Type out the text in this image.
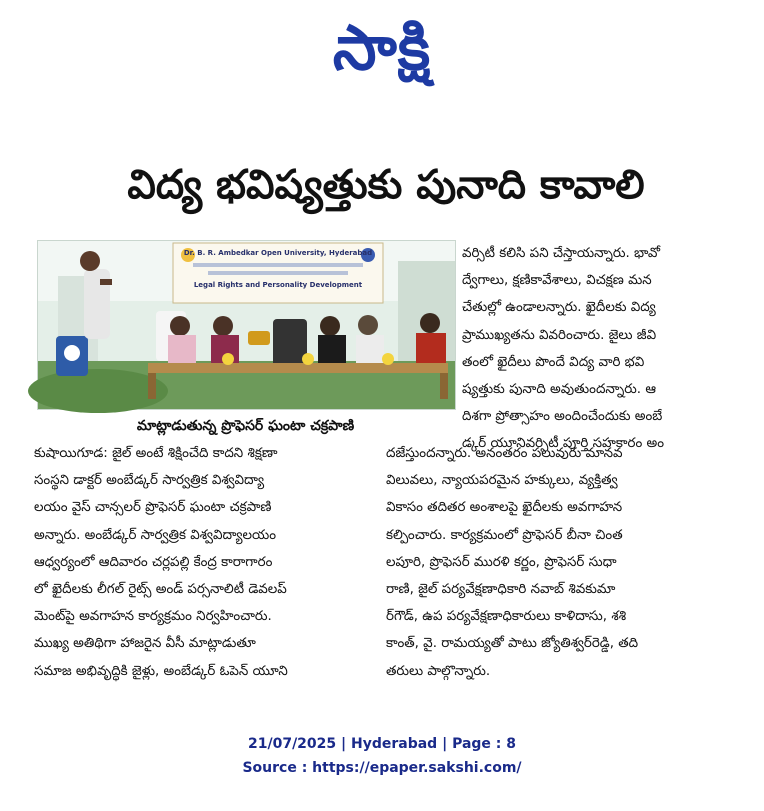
సాక్షి
విద్య భవిష్యత్తుకు పునాది కావాలి
Dr. B. R. Ambedkar Open University, Hyderabad
Legal Rights and Personality Development
మాట్లాడుతున్న ప్రొఫెసర్ ఘంటా చక్రపాణి
వర్సిటీ కలిసి పని చేస్తాయన్నారు. భావో
ద్వేగాలు, క్షణికావేశాలు, విచక్షణ మన
చేతుల్లో ఉండాలన్నారు. ఖైదీలకు విద్య
ప్రాముఖ్యతను వివరించారు. జైలు జీవి
తంలో ఖైదీలు పొందే విద్య వారి భవి
ష్యత్తుకు పునాది అవుతుందన్నారు. ఆ
దిశగా ప్రోత్సాహం అందించేందుకు అంబే
డ్కర్ యూనివర్సిటీ పూర్తి సహకారం అం
కుషాయిగూడ: జైల్ అంటే శిక్షించేది కాదని శిక్షణా
సంస్థని డాక్టర్ అంబేడ్కర్ సార్వత్రిక విశ్వవిద్యా
లయం వైస్ చాన్సలర్ ప్రొఫెసర్ ఘంటా చక్రపాణి
అన్నారు. అంబేడ్కర్ సార్వత్రిక విశ్వవిద్యాలయం
ఆధ్వర్యంలో ఆదివారం చర్లపల్లి కేంద్ర కారాగారం
లో ఖైదీలకు లీగల్ రైట్స్ అండ్ పర్సనాలిటీ డెవలప్
మెంట్‌పై అవగాహన కార్యక్రమం నిర్వహించారు.
ముఖ్య అతిథిగా హాజరైన వీసీ మాట్లాడుతూ
సమాజ అభివృద్ధికి జైళ్లు, అంబేడ్కర్ ఓపెన్ యూని
దజేస్తుందన్నారు. అనంతరం పలువురు మానవ
విలువలు, న్యాయపరమైన హక్కులు, వ్యక్తిత్వ
వికాసం తదితర అంశాలపై ఖైదీలకు అవగాహన
కల్పించారు. కార్యక్రమంలో ప్రొఫెసర్ బీనా చింత
లపూరి, ప్రొఫెసర్ మురళి కర్ణం, ప్రొఫెసర్ సుధా
రాణి, జైల్ పర్యవేక్షణాధికారి నవాబ్ శివకుమా
ర్‌గౌడ్, ఉప పర్యవేక్షణాధికారులు కాళిదాసు, శశి
కాంత్, వై. రామయ్యతో పాటు జ్యోతిశ్వర్‌రెడ్డి, తది
తరులు పాల్గొన్నారు.
21/07/2025 | Hyderabad | Page : 8
Source : https://epaper.sakshi.com/
